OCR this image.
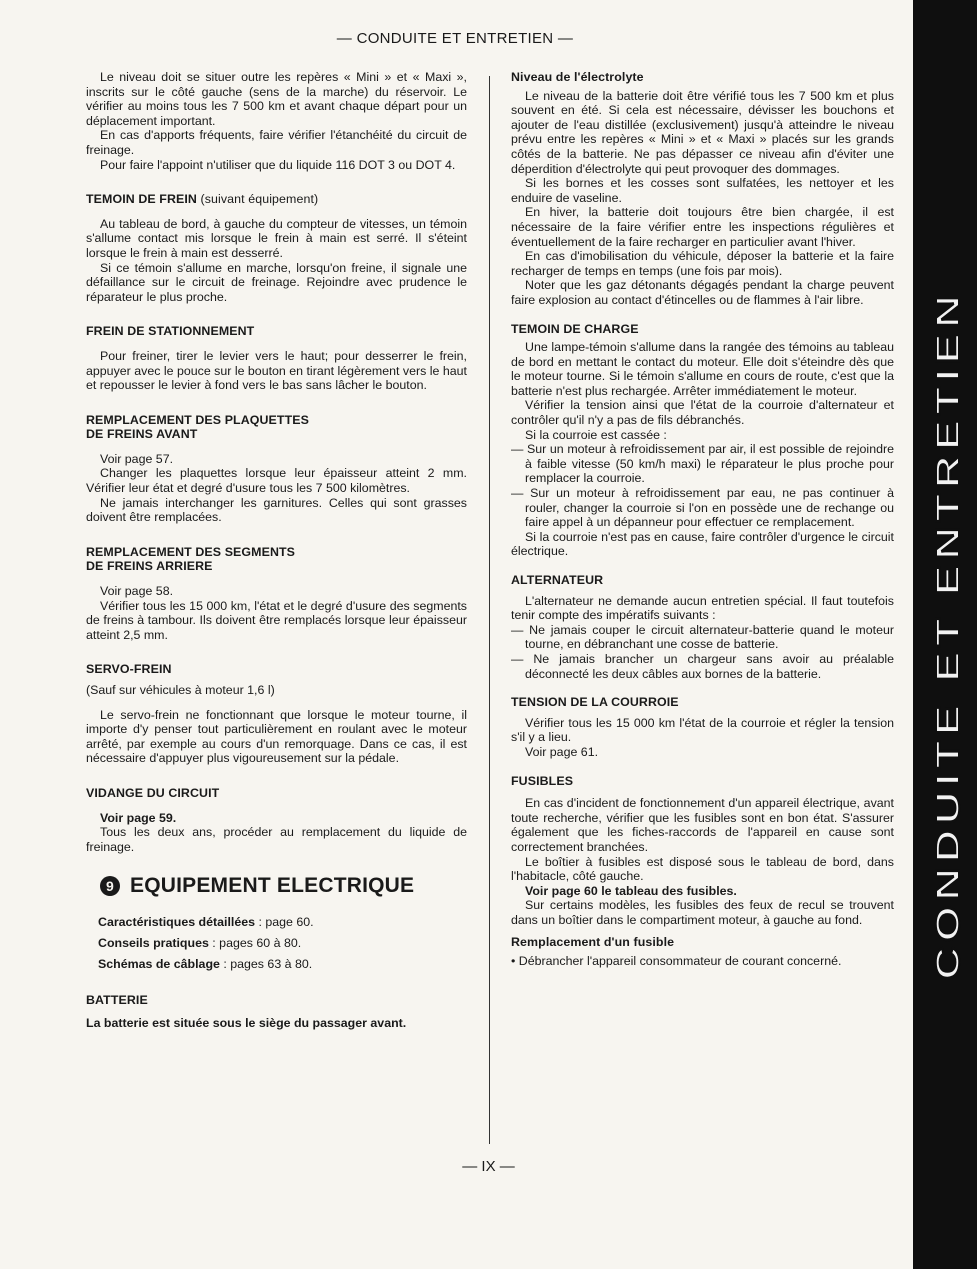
— CONDUITE ET ENTRETIEN —

Le niveau doit se situer outre les repères « Mini » et « Maxi », inscrits sur le côté gauche (sens de la marche) du réservoir. Le vérifier au moins tous les 7 500 km et avant chaque départ pour un déplacement important.

En cas d'apports fréquents, faire vérifier l'étanchéité du circuit de freinage.

Pour faire l'appoint n'utiliser que du liquide 116 DOT 3 ou DOT 4.

TEMOIN DE FREIN (suivant équipement)

Au tableau de bord, à gauche du compteur de vitesses, un témoin s'allume contact mis lorsque le frein à main est serré. Il s'éteint lorsque le frein à main est desserré.

Si ce témoin s'allume en marche, lorsqu'on freine, il signale une défaillance sur le circuit de freinage. Rejoindre avec prudence le réparateur le plus proche.

FREIN DE STATIONNEMENT

Pour freiner, tirer le levier vers le haut; pour desserrer le frein, appuyer avec le pouce sur le bouton en tirant légèrement vers le haut et repousser le levier à fond vers le bas sans lâcher le bouton.

REMPLACEMENT DES PLAQUETTES

DE FREINS AVANT

Voir page 57.

Changer les plaquettes lorsque leur épaisseur atteint 2 mm. Vérifier leur état et degré d'usure tous les 7 500 kilomètres.

Ne jamais interchanger les garnitures. Celles qui sont grasses doivent être remplacées.

REMPLACEMENT DES SEGMENTS

DE FREINS ARRIERE

Voir page 58.

Vérifier tous les 15 000 km, l'état et le degré d'usure des segments de freins à tambour. Ils doivent être remplacés lorsque leur épaisseur atteint 2,5 mm.

SERVO-FREIN

(Sauf sur véhicules à moteur 1,6 l)

Le servo-frein ne fonctionnant que lorsque le moteur tourne, il importe d'y penser tout particulièrement en roulant avec le moteur arrêté, par exemple au cours d'un remorquage. Dans ce cas, il est nécessaire d'appuyer plus vigoureusement sur la pédale.

VIDANGE DU CIRCUIT

Voir page 59.

Tous les deux ans, procéder au remplacement du liquide de freinage.

9 EQUIPEMENT ELECTRIQUE

Caractéristiques détaillées : page 60.

Conseils pratiques : pages 60 à 80.

Schémas de câblage : pages 63 à 80.

BATTERIE

La batterie est située sous le siège du passager avant.

Niveau de l'électrolyte

Le niveau de la batterie doit être vérifié tous les 7 500 km et plus souvent en été. Si cela est nécessaire, dévisser les bouchons et ajouter de l'eau distillée (exclusivement) jusqu'à atteindre le niveau prévu entre les repères « Mini » et « Maxi » placés sur les grands côtés de la batterie. Ne pas dépasser ce niveau afin d'éviter une déperdition d'électrolyte qui peut provoquer des dommages.

Si les bornes et les cosses sont sulfatées, les nettoyer et les enduire de vaseline.

En hiver, la batterie doit toujours être bien chargée, il est nécessaire de la faire vérifier entre les inspections régulières et éventuellement de la faire recharger en particulier avant l'hiver.

En cas d'imobilisation du véhicule, déposer la batterie et la faire recharger de temps en temps (une fois par mois).

Noter que les gaz détonants dégagés pendant la charge peuvent faire explosion au contact d'étincelles ou de flammes à l'air libre.

TEMOIN DE CHARGE

Une lampe-témoin s'allume dans la rangée des témoins au tableau de bord en mettant le contact du moteur. Elle doit s'éteindre dès que le moteur tourne. Si le témoin s'allume en cours de route, c'est que la batterie n'est plus rechargée. Arrêter immédiatement le moteur.

Vérifier la tension ainsi que l'état de la courroie d'alternateur et contrôler qu'il n'y a pas de fils débranchés.

Si la courroie est cassée :

— Sur un moteur à refroidissement par air, il est possible de rejoindre à faible vitesse (50 km/h maxi) le réparateur le plus proche pour remplacer la courroie.

— Sur un moteur à refroidissement par eau, ne pas continuer à rouler, changer la courroie si l'on en possède une de rechange ou faire appel à un dépanneur pour effectuer ce remplacement.

Si la courroie n'est pas en cause, faire contrôler d'urgence le circuit électrique.

ALTERNATEUR

L'alternateur ne demande aucun entretien spécial. Il faut toutefois tenir compte des impératifs suivants :

— Ne jamais couper le circuit alternateur-batterie quand le moteur tourne, en débranchant une cosse de batterie.

— Ne jamais brancher un chargeur sans avoir au préalable déconnecté les deux câbles aux bornes de la batterie.

TENSION DE LA COURROIE

Vérifier tous les 15 000 km l'état de la courroie et régler la tension s'il y a lieu.

Voir page 61.

FUSIBLES

En cas d'incident de fonctionnement d'un appareil électrique, avant toute recherche, vérifier que les fusibles sont en bon état. S'assurer également que les fiches-raccords de l'appareil en cause sont correctement branchées.

Le boîtier à fusibles est disposé sous le tableau de bord, dans l'habitacle, côté gauche.

Voir page 60 le tableau des fusibles.

Sur certains modèles, les fusibles des feux de recul se trouvent dans un boîtier dans le compartiment moteur, à gauche au fond.

Remplacement d'un fusible

• Débrancher l'appareil consommateur de courant concerné.

— IX —
CONDUITE ET ENTRETIEN
